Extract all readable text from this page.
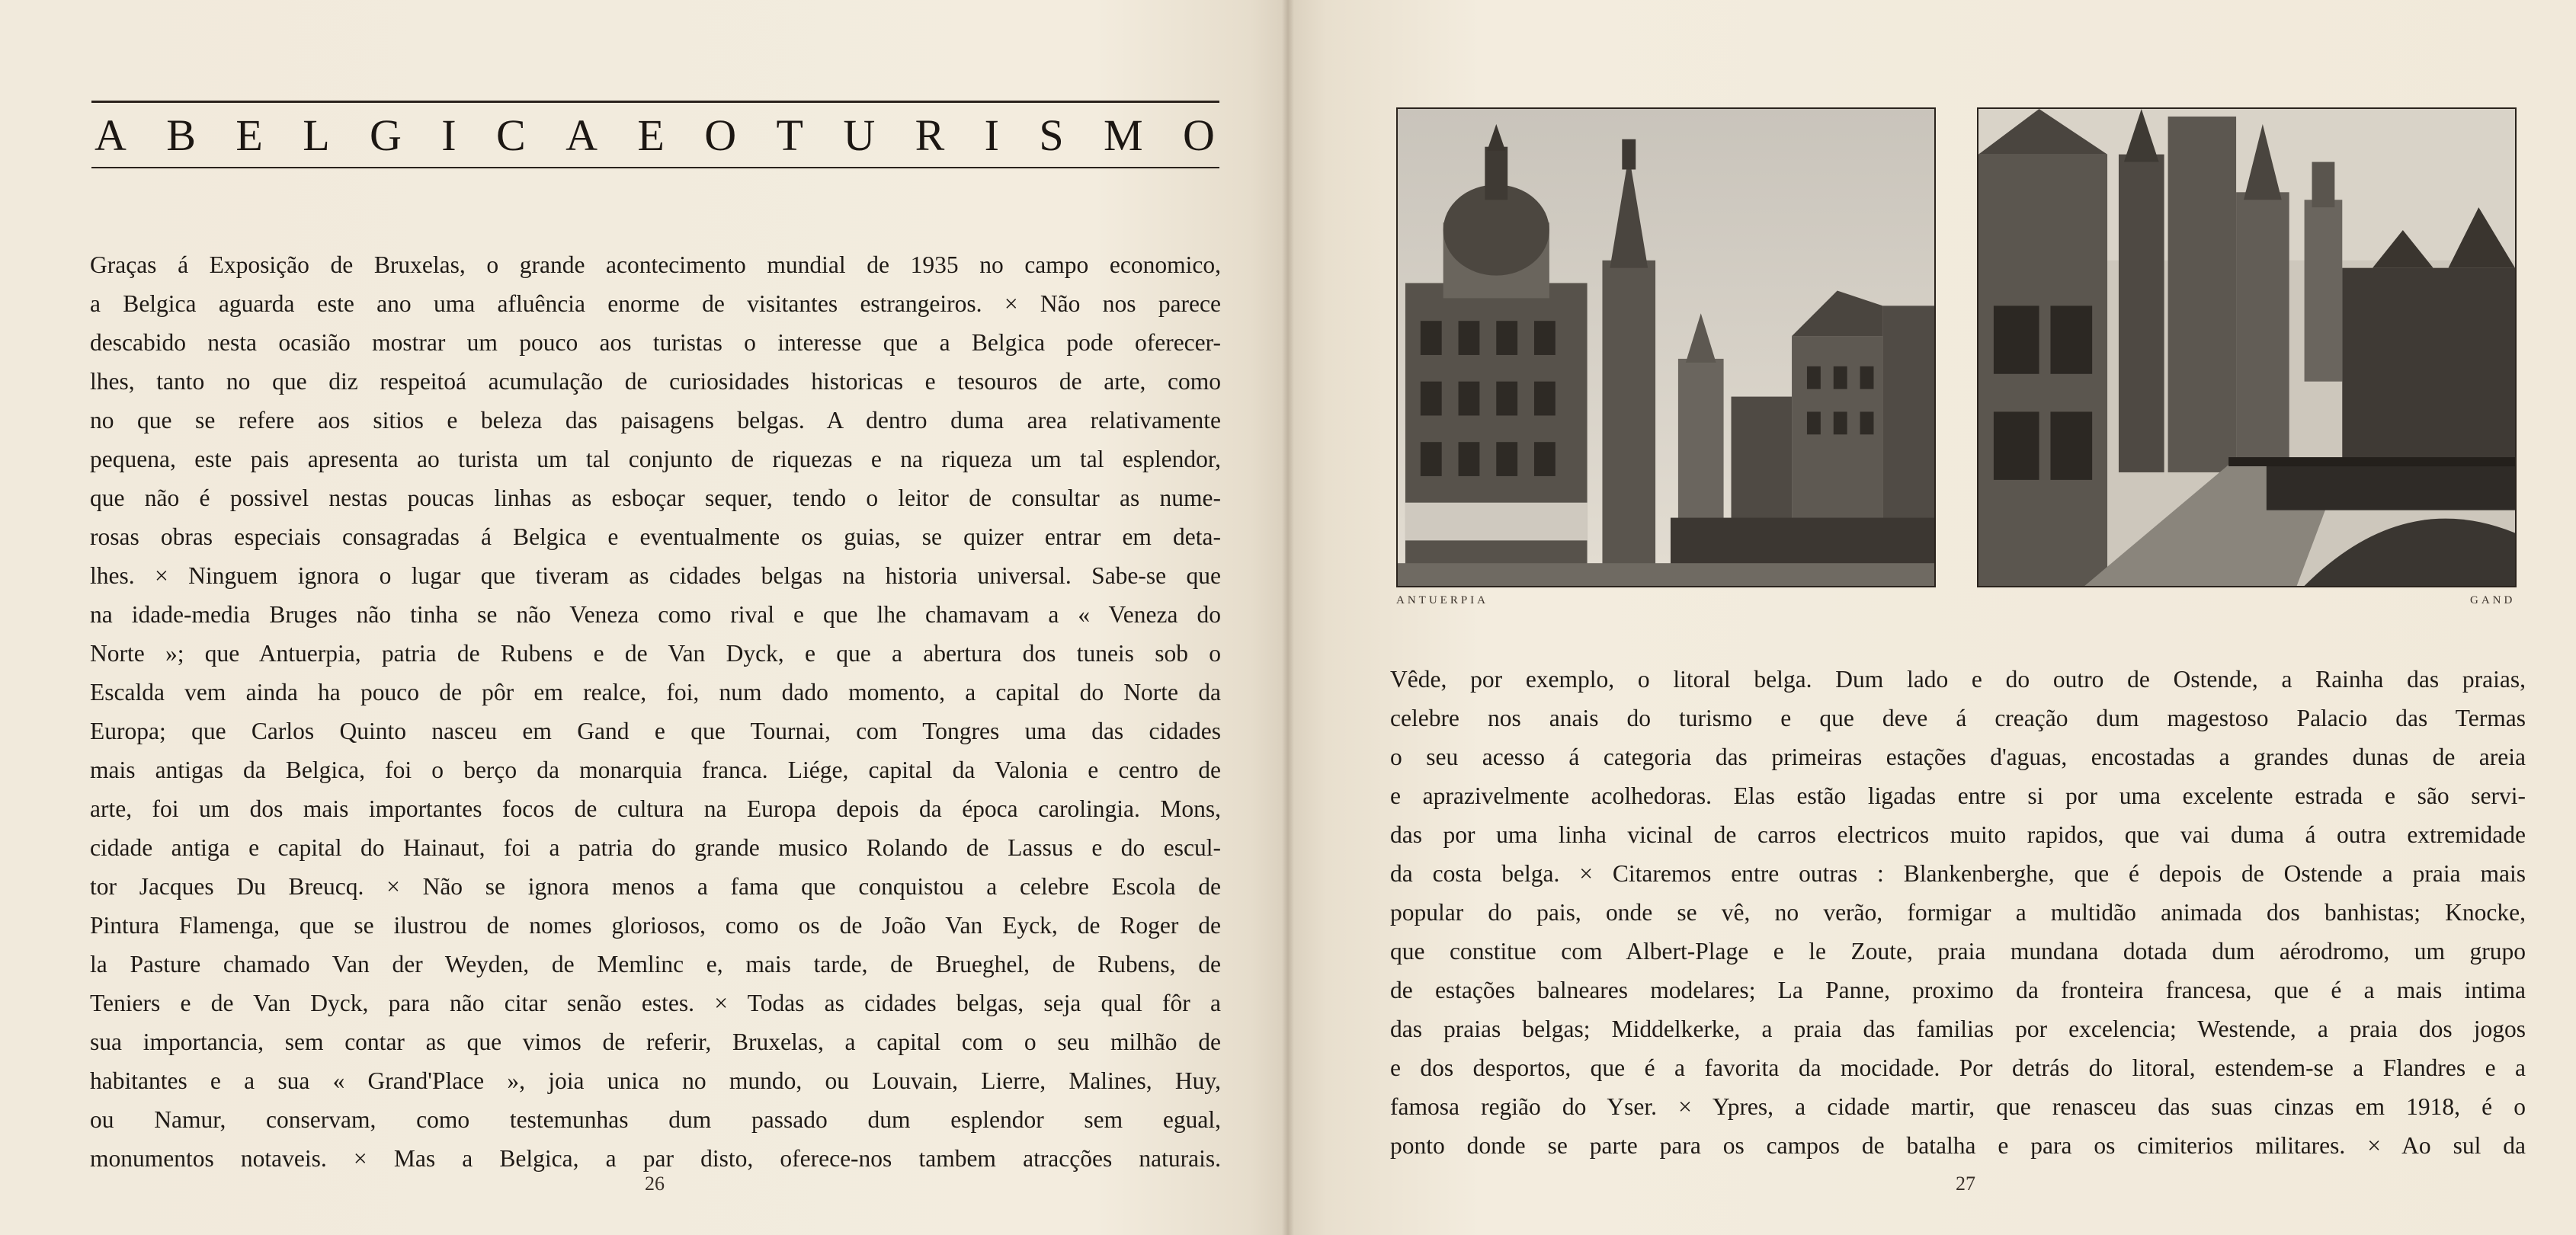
A B E L G I C A E O T U R I S M O
Graças á Exposição de Bruxelas, o grande acontecimento mundial de 1935 no campo economico,
a Belgica aguarda este ano uma afluência enorme de visitantes estrangeiros. × Não nos parece
descabido nesta ocasião mostrar um pouco aos turistas o interesse que a Belgica pode oferecer-
lhes, tanto no que diz respeitoá acumulação de curiosidades historicas e tesouros de arte, como
no que se refere aos sitios e beleza das paisagens belgas. A dentro duma area relativamente
pequena, este pais apresenta ao turista um tal conjunto de riquezas e na riqueza um tal esplendor,
que não é possivel nestas poucas linhas as esboçar sequer, tendo o leitor de consultar as nume-
rosas obras especiais consagradas á Belgica e eventualmente os guias, se quizer entrar em deta-
lhes. × Ninguem ignora o lugar que tiveram as cidades belgas na historia universal. Sabe-se que
na idade-media Bruges não tinha se não Veneza como rival e que lhe chamavam a « Veneza do
Norte »; que Antuerpia, patria de Rubens e de Van Dyck, e que a abertura dos tuneis sob o
Escalda vem ainda ha pouco de pôr em realce, foi, num dado momento, a capital do Norte da
Europa; que Carlos Quinto nasceu em Gand e que Tournai, com Tongres uma das cidades
mais antigas da Belgica, foi o berço da monarquia franca. Liége, capital da Valonia e centro de
arte, foi um dos mais importantes focos de cultura na Europa depois da época carolingia. Mons,
cidade antiga e capital do Hainaut, foi a patria do grande musico Rolando de Lassus e do escul-
tor Jacques Du Breucq. × Não se ignora menos a fama que conquistou a celebre Escola de
Pintura Flamenga, que se ilustrou de nomes gloriosos, como os de João Van Eyck, de Roger de
la Pasture chamado Van der Weyden, de Memlinc e, mais tarde, de Brueghel, de Rubens, de
Teniers e de Van Dyck, para não citar senão estes. × Todas as cidades belgas, seja qual fôr a
sua importancia, sem contar as que vimos de referir, Bruxelas, a capital com o seu milhão de
habitantes e a sua « Grand'Place », joia unica no mundo, ou Louvain, Lierre, Malines, Huy,
ou Namur, conservam, como testemunhas dum passado dum esplendor sem egual,
monumentos notaveis. × Mas a Belgica, a par disto, oferece-nos tambem atracções naturais.
26
ANTUERPIA	GAND
Vêde, por exemplo, o litoral belga. Dum lado e do outro de Ostende, a Rainha das praias,
celebre nos anais do turismo e que deve á creação dum magestoso Palacio das Termas
o seu acesso á categoria das primeiras estações d'aguas, encostadas a grandes dunas de areia
e aprazivelmente acolhedoras. Elas estão ligadas entre si por uma excelente estrada e são servi-
das por uma linha vicinal de carros electricos muito rapidos, que vai duma á outra extremidade
da costa belga. × Citaremos entre outras : Blankenberghe, que é depois de Ostende a praia mais
popular do pais, onde se vê, no verão, formigar a multidão animada dos banhistas; Knocke,
que constitue com Albert-Plage e le Zoute, praia mundana dotada dum aérodromo, um grupo
de estações balneares modelares; La Panne, proximo da fronteira francesa, que é a mais intima
das praias belgas; Middelkerke, a praia das familias por excelencia; Westende, a praia dos jogos
e dos desportos, que é a favorita da mocidade. Por detrás do litoral, estendem-se a Flandres e a
famosa região do Yser. × Ypres, a cidade martir, que renasceu das suas cinzas em 1918, é o
ponto donde se parte para os campos de batalha e para os cimiterios militares. × Ao sul da
27
